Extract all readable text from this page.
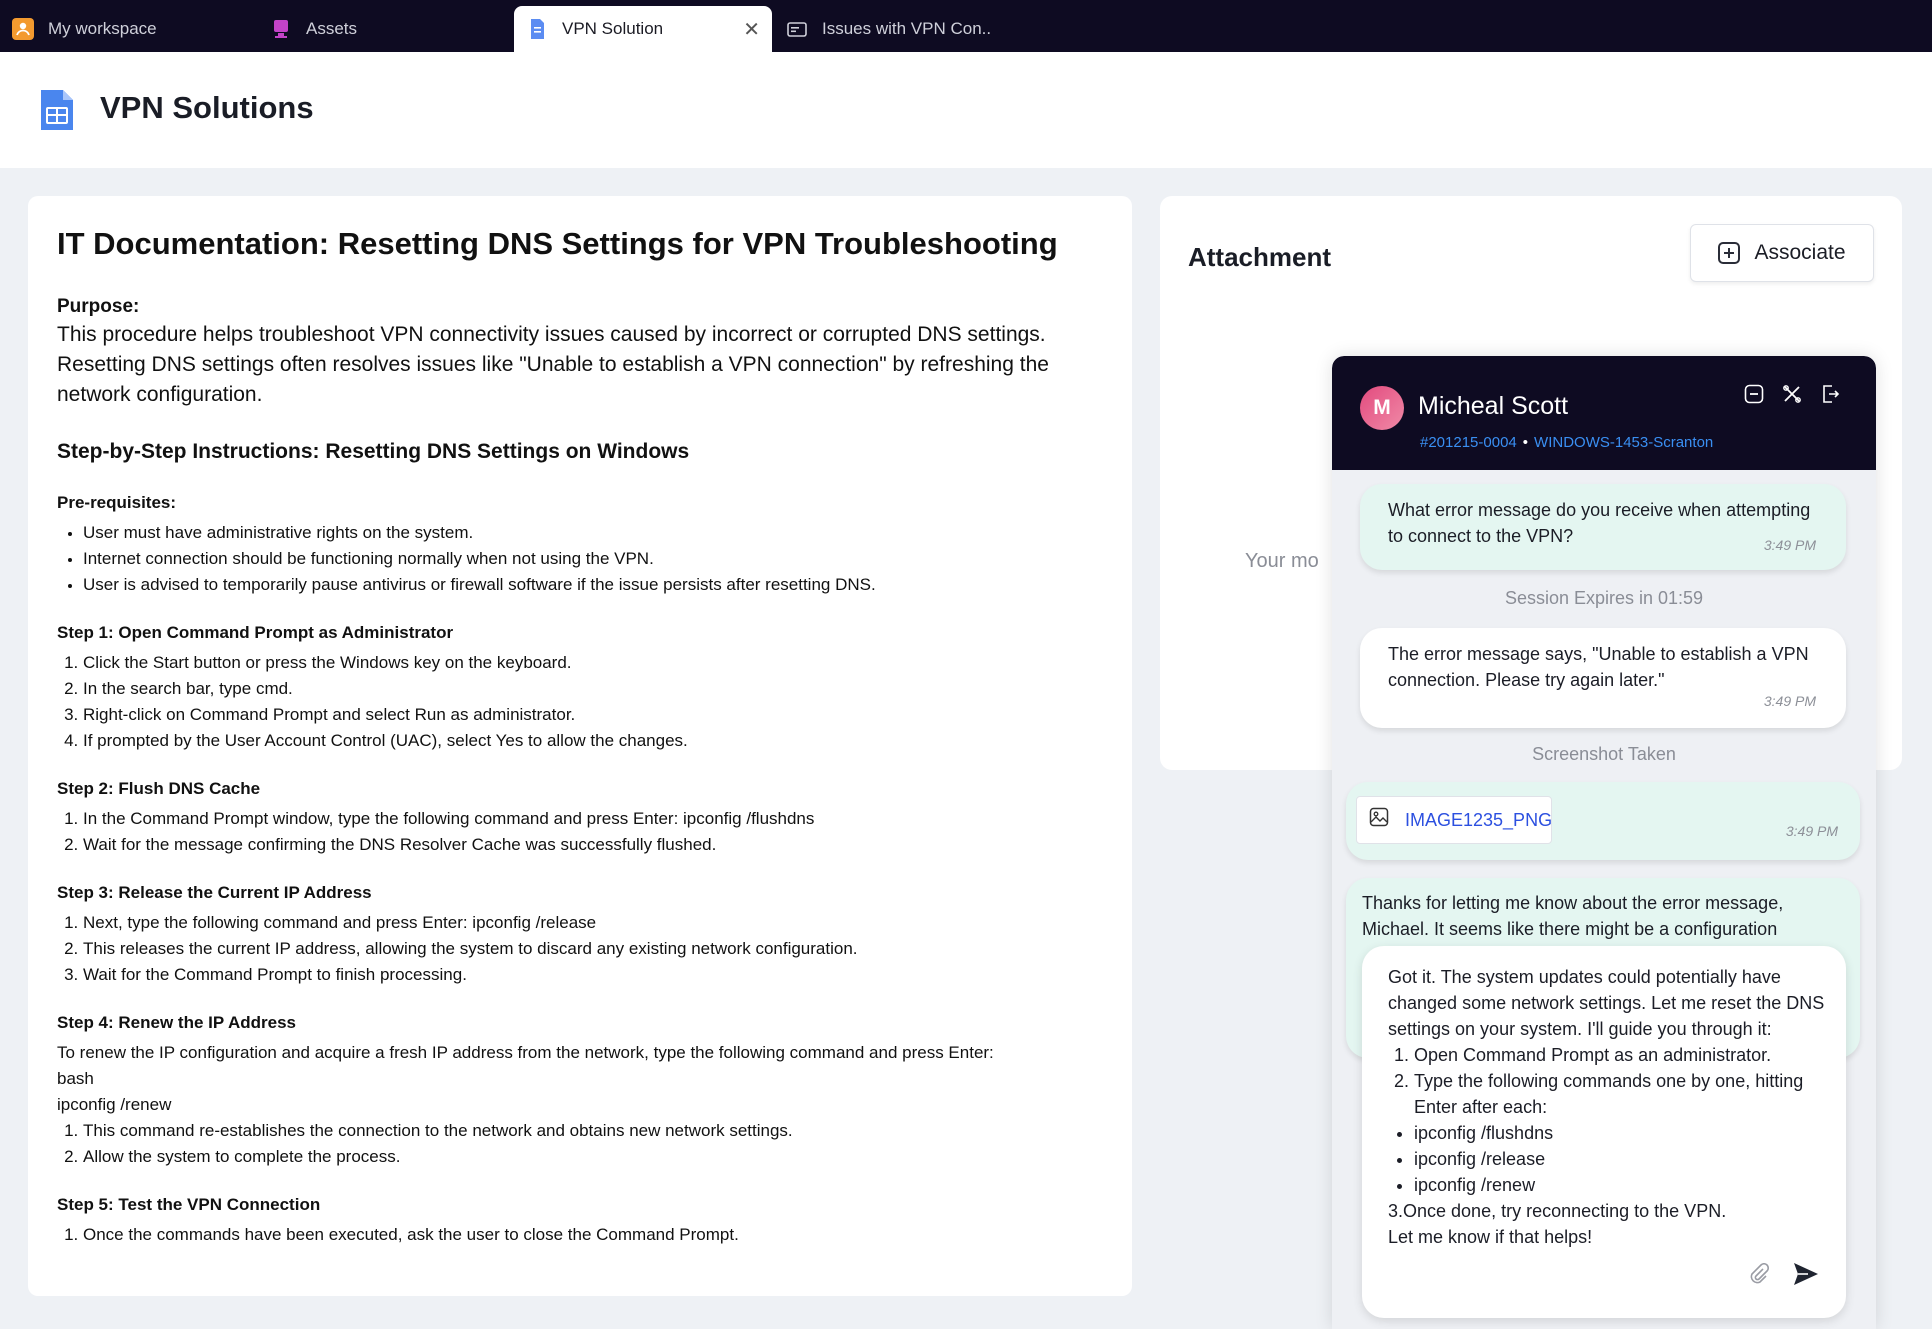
My workspace	Assets	VPN Solution	✕	Issues with VPN Con..
VPN Solutions
IT Documentation: Resetting DNS Settings for VPN Troubleshooting

Purpose:

This procedure helps troubleshoot VPN connectivity issues caused by incorrect or corrupted DNS settings. Resetting DNS settings often resolves issues like "Unable to establish a VPN connection" by refreshing the network configuration.

Step-by-Step Instructions: Resetting DNS Settings on Windows

Pre-requisites:

• User must have administrative rights on the system.
• Internet connection should be functioning normally when not using the VPN.
• User is advised to temporarily pause antivirus or firewall software if the issue persists after resetting DNS.

Step 1: Open Command Prompt as Administrator

1. Click the Start button or press the Windows key on the keyboard.
2. In the search bar, type cmd.
3. Right-click on Command Prompt and select Run as administrator.
4. If prompted by the User Account Control (UAC), select Yes to allow the changes.

Step 2: Flush DNS Cache

1. In the Command Prompt window, type the following command and press Enter: ipconfig /flushdns
2. Wait for the message confirming the DNS Resolver Cache was successfully flushed.

Step 3: Release the Current IP Address

1. Next, type the following command and press Enter: ipconfig /release
2. This releases the current IP address, allowing the system to discard any existing network configuration.
3. Wait for the Command Prompt to finish processing.

Step 4: Renew the IP Address

To renew the IP configuration and acquire a fresh IP address from the network, type the following command and press Enter:

bash

ipconfig /renew

1. This command re-establishes the connection to the network and obtains new network settings.
2. Allow the system to complete the process.

Step 5: Test the VPN Connection

1. Once the commands have been executed, ask the user to close the Command Prompt.
Attachment	Associate
Your mo
M	Micheal Scott
#201215-0004 • WINDOWS-1453-Scranton
What error message do you receive when attempting to connect to the VPN?	3:49 PM
Session Expires in 01:59
The error message says, "Unable to establish a VPN connection. Please try again later."
3:49 PM
Screenshot Taken
IMAGE1235_PNG
3:49 PM
Thanks for letting me know about the error message, Michael. It seems like there might be a configuration

Got it. The system updates could potentially have changed some network settings. Let me reset the DNS settings on your system. I'll guide you through it:

1. Open Command Prompt as an administrator.
2. Type the following commands one by one, hitting Enter after each:
• ipconfig /flushdns
• ipconfig /release
• ipconfig /renew

3.Once done, try reconnecting to the VPN.

Let me know if that helps!
